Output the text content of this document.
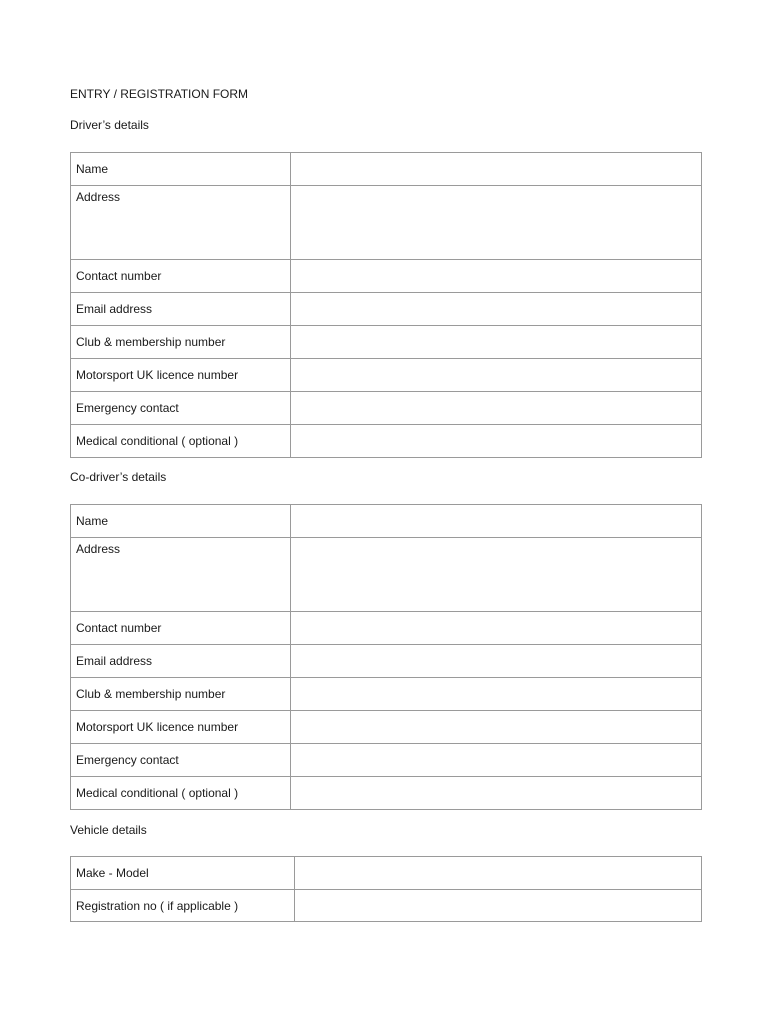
ENTRY / REGISTRATION FORM
Driver’s details
Name	
Address	
Contact number	
Email address	
Club & membership number	
Motorsport UK licence number	
Emergency contact	
Medical conditional ( optional )	
Co-driver’s details
Name	
Address	
Contact number	
Email address	
Club & membership number	
Motorsport UK licence number	
Emergency contact	
Medical conditional ( optional )	
Vehicle details
Make - Model	
Registration no ( if applicable )	
